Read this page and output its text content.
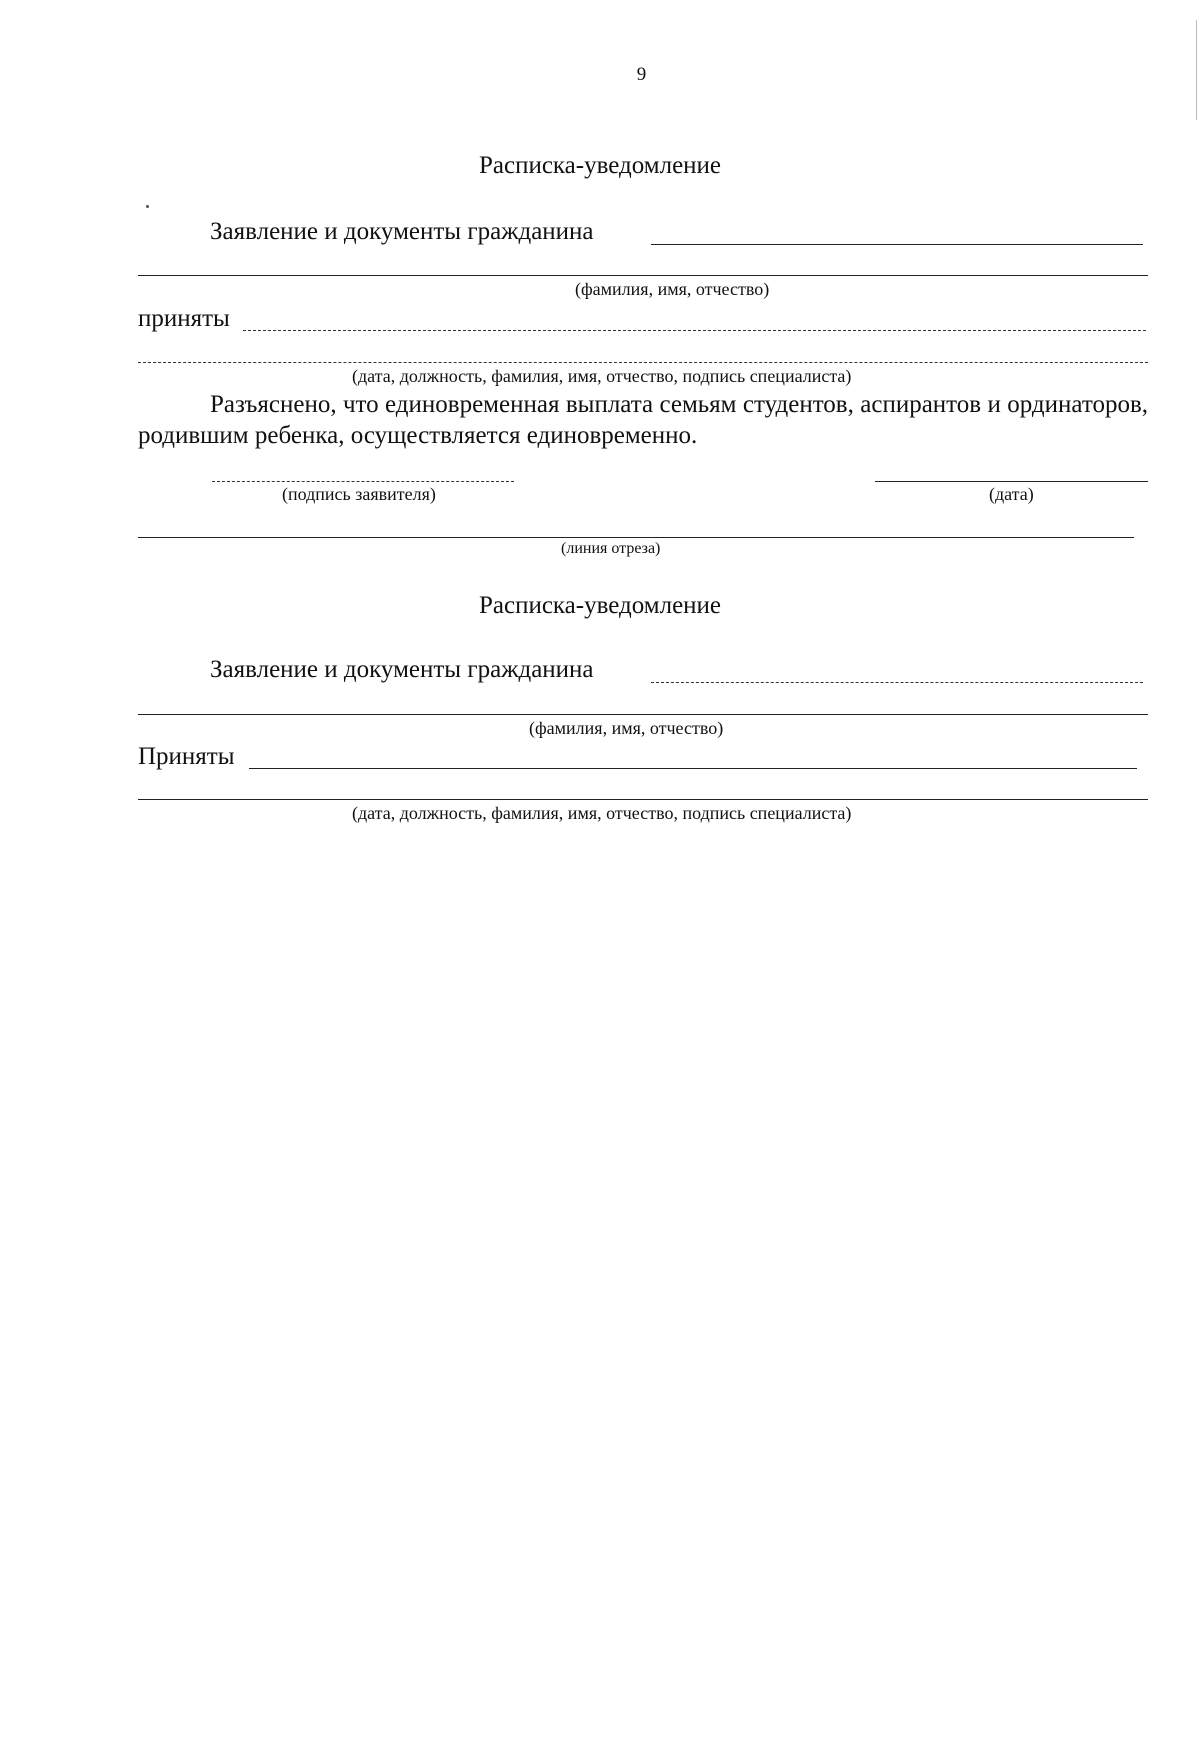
9
Расписка-уведомление
Заявление и документы гражданина
(фамилия, имя, отчество)
приняты
(дата, должность, фамилия, имя, отчество, подпись специалиста)
Разъяснено, что единовременная выплата семьям студентов, аспирантов и ординаторов, родившим ребенка, осуществляется единовременно.
(подпись заявителя)	(дата)
(линия отреза)
Расписка-уведомление
Заявление и документы гражданина
(фамилия, имя, отчество)
Приняты
(дата, должность, фамилия, имя, отчество, подпись специалиста)
